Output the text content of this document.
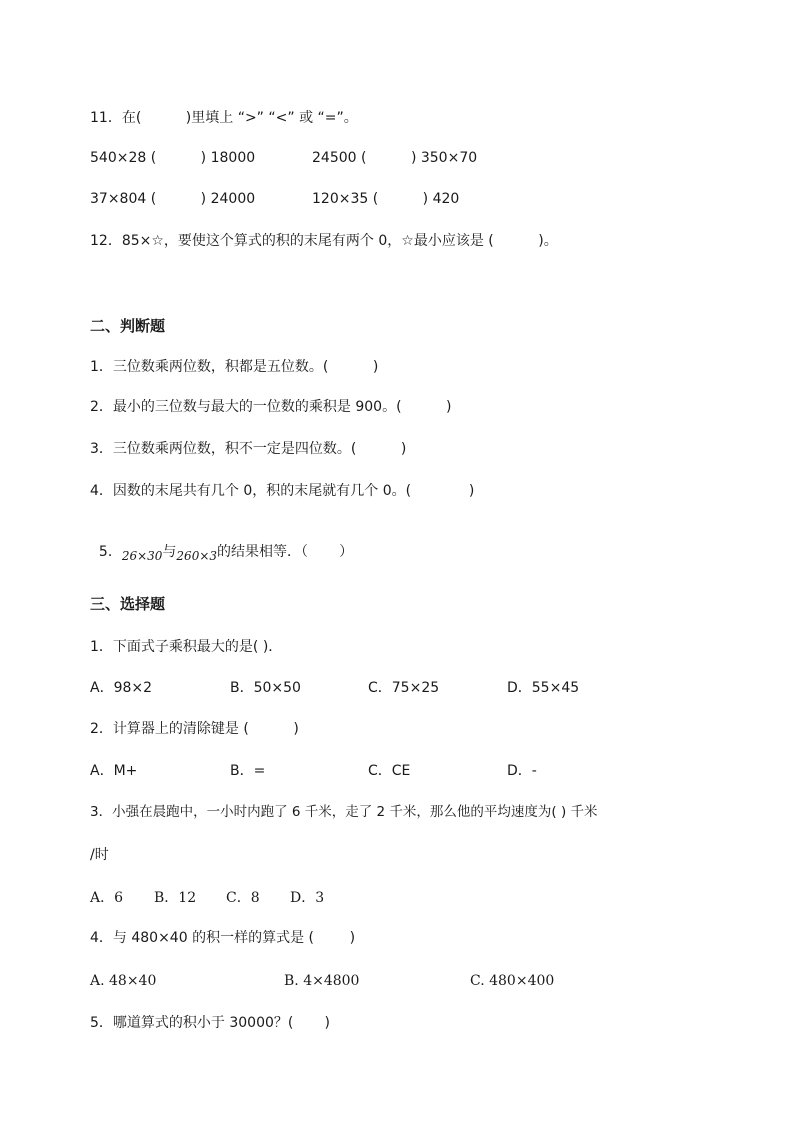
11．在(          )里填上 “>” “<” 或 “=”。
540×28 (          ) 18000	24500 (          ) 350×70
37×804 (          ) 24000	120×35 (          ) 420
12．85×☆，要使这个算式的积的末尾有两个 0，☆最小应该是 (          )。
二、判断题
1．三位数乘两位数，积都是五位数。(          )
2．最小的三位数与最大的一位数的乘积是 900。(          )
3．三位数乘两位数，积不一定是四位数。(          )
4．因数的末尾共有几个 0，积的末尾就有几个 0。(             )

5．26×30与260×3的结果相等．（       ）

三、选择题
1．下面式子乘积最大的是( )．
A．98×2	B．50×50	C．75×25	D．55×45
2．计算器上的清除键是 (          )
A．M+	B．=	C．CE	D．-
3．小强在晨跑中，一小时内跑了 6 千米，走了 2 千米，那么他的平均速度为( ) 千米
/时
A．6 B．12 C．8 D．3
4．与 480×40 的积一样的算式是 (        )
A. 48×40	B. 4×4800	C. 480×400
5．哪道算式的积小于 30000？(       )
